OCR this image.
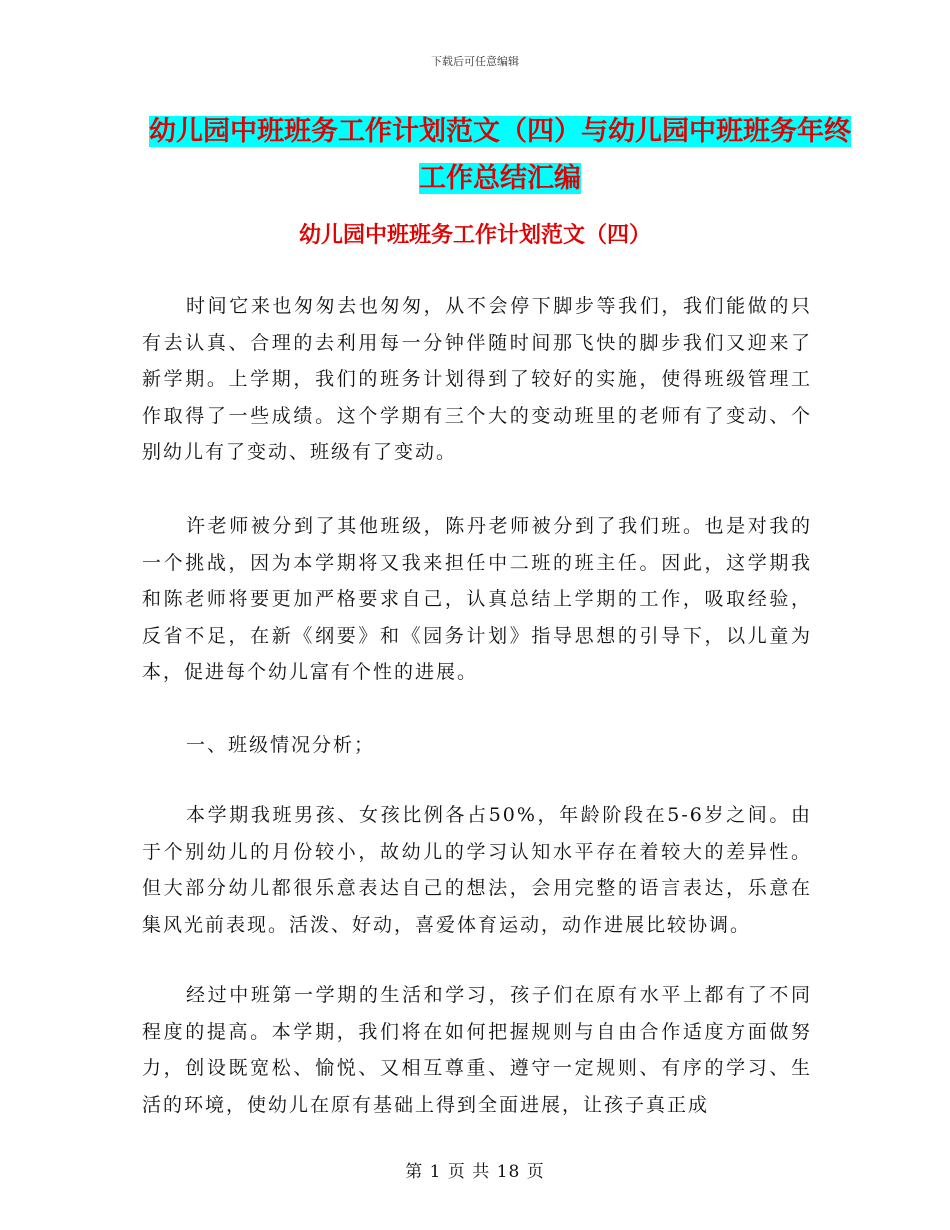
下载后可任意编辑
幼儿园中班班务工作计划范文（四）与幼儿园中班班务年终工作总结汇编
幼儿园中班班务工作计划范文（四）

时间它来也匆匆去也匆匆，从不会停下脚步等我们，我们能做的只有去认真、合理的去利用每一分钟伴随时间那飞快的脚步我们又迎来了新学期。上学期，我们的班务计划得到了较好的实施，使得班级管理工作取得了一些成绩。这个学期有三个大的变动班里的老师有了变动、个别幼儿有了变动、班级有了变动。

许老师被分到了其他班级，陈丹老师被分到了我们班。也是对我的一个挑战，因为本学期将又我来担任中二班的班主任。因此，这学期我和陈老师将要更加严格要求自己，认真总结上学期的工作，吸取经验，反省不足，在新《纲要》和《园务计划》指导思想的引导下，以儿童为本，促进每个幼儿富有个性的进展。

一、班级情况分析；

本学期我班男孩、女孩比例各占50%，年龄阶段在5-6岁之间。由于个别幼儿的月份较小，故幼儿的学习认知水平存在着较大的差异性。但大部分幼儿都很乐意表达自己的想法，会用完整的语言表达，乐意在集风光前表现。活泼、好动，喜爱体育运动，动作进展比较协调。

经过中班第一学期的生活和学习，孩子们在原有水平上都有了不同程度的提高。本学期，我们将在如何把握规则与自由合作适度方面做努力，创设既宽松、愉悦、又相互尊重、遵守一定规则、有序的学习、生活的环境，使幼儿在原有基础上得到全面进展，让孩子真正成

第 1 页 共 18 页
